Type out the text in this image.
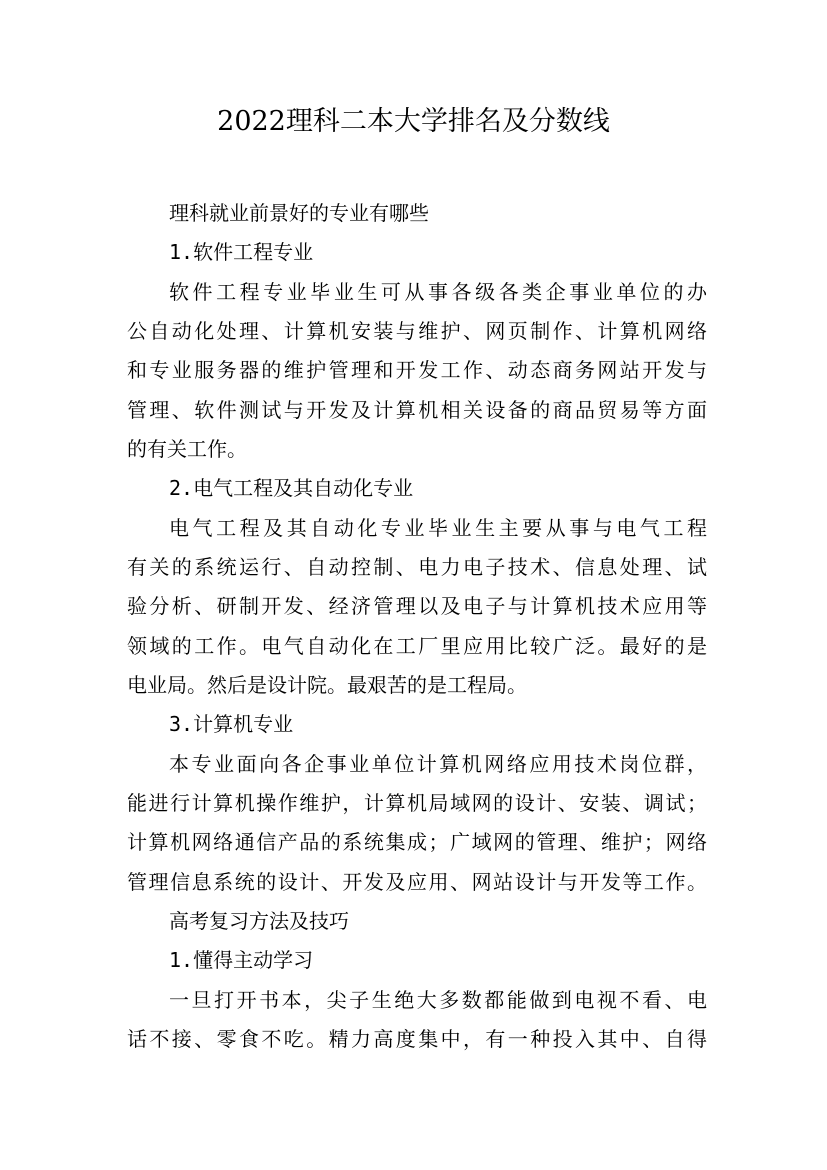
2022理科二本大学排名及分数线
理科就业前景好的专业有哪些
1.软件工程专业
软件工程专业毕业生可从事各级各类企事业单位的办
公自动化处理、计算机安装与维护、网页制作、计算机网络
和专业服务器的维护管理和开发工作、动态商务网站开发与
管理、软件测试与开发及计算机相关设备的商品贸易等方面
的有关工作。
2.电气工程及其自动化专业
电气工程及其自动化专业毕业生主要从事与电气工程
有关的系统运行、自动控制、电力电子技术、信息处理、试
验分析、研制开发、经济管理以及电子与计算机技术应用等
领域的工作。电气自动化在工厂里应用比较广泛。最好的是
电业局。然后是设计院。最艰苦的是工程局。
3.计算机专业
本专业面向各企事业单位计算机网络应用技术岗位群，
能进行计算机操作维护，计算机局域网的设计、安装、调试；
计算机网络通信产品的系统集成；广域网的管理、维护；网络
管理信息系统的设计、开发及应用、网站设计与开发等工作。
高考复习方法及技巧
1.懂得主动学习
一旦打开书本，尖子生绝大多数都能做到电视不看、电
话不接、零食不吃。精力高度集中，有一种投入其中、自得
